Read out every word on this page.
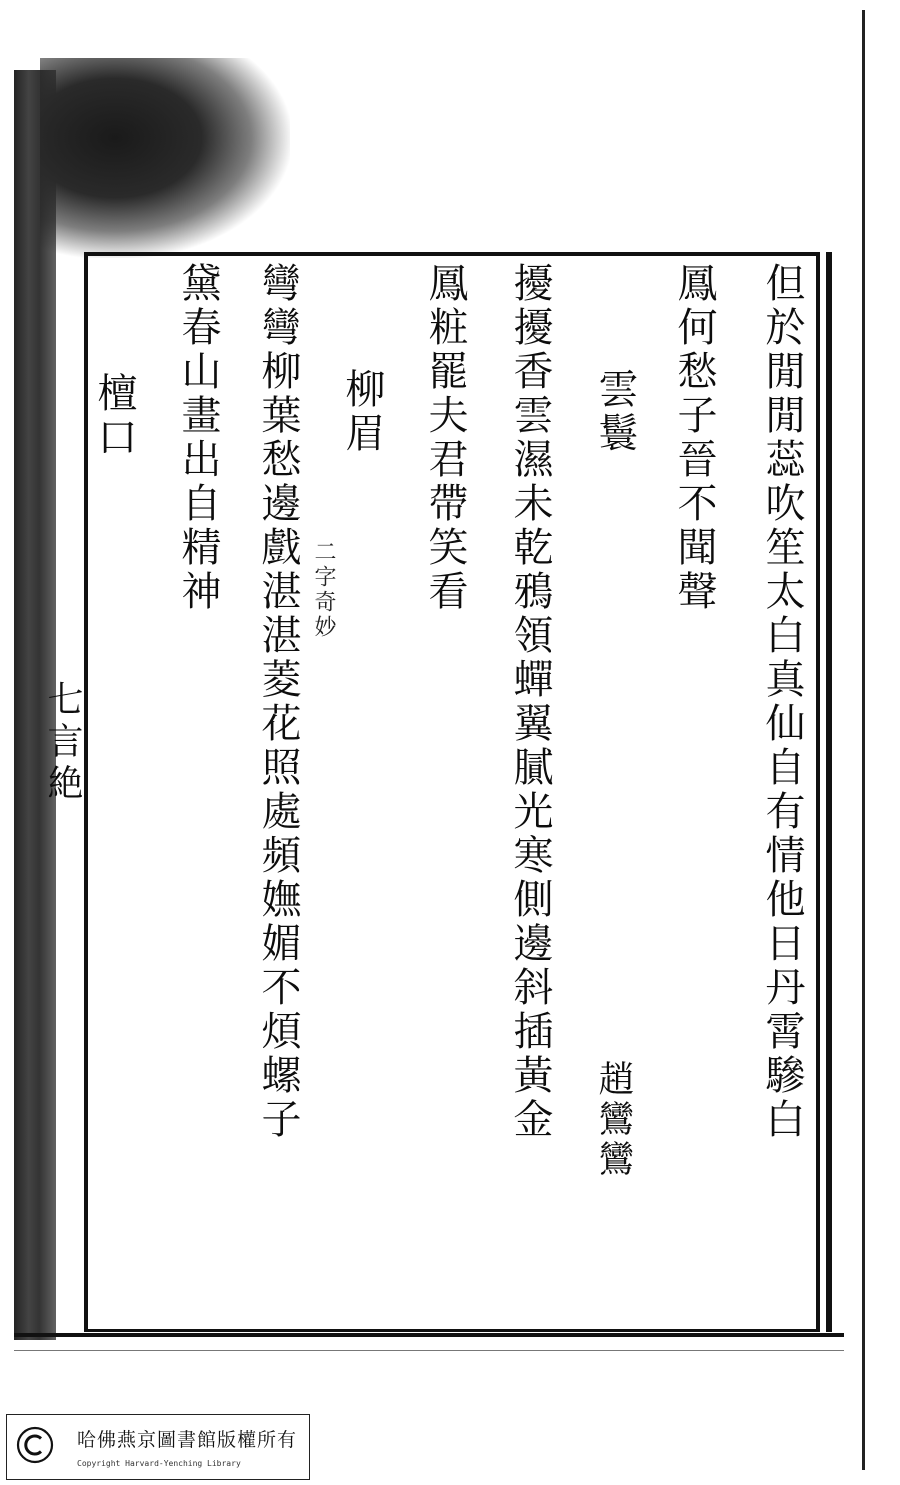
七言絶	但於閒閒蕊吹笙太白真仙自有情他日丹霄驂白
鳳何愁子晉不聞聲
雲鬟
趙鸞鸞
擾擾香雲濕未乾鴉領蟬翼膩光寒側邊斜插黃金
鳳粧罷夫君帶笑看
柳眉
二字奇妙
彎彎柳葉愁邊戲湛湛菱花照處頻嫵媚不煩螺子
黛春山畫出自精神
檀口
哈佛燕京圖書館版權所有
Copyright Harvard-Yenching Library
